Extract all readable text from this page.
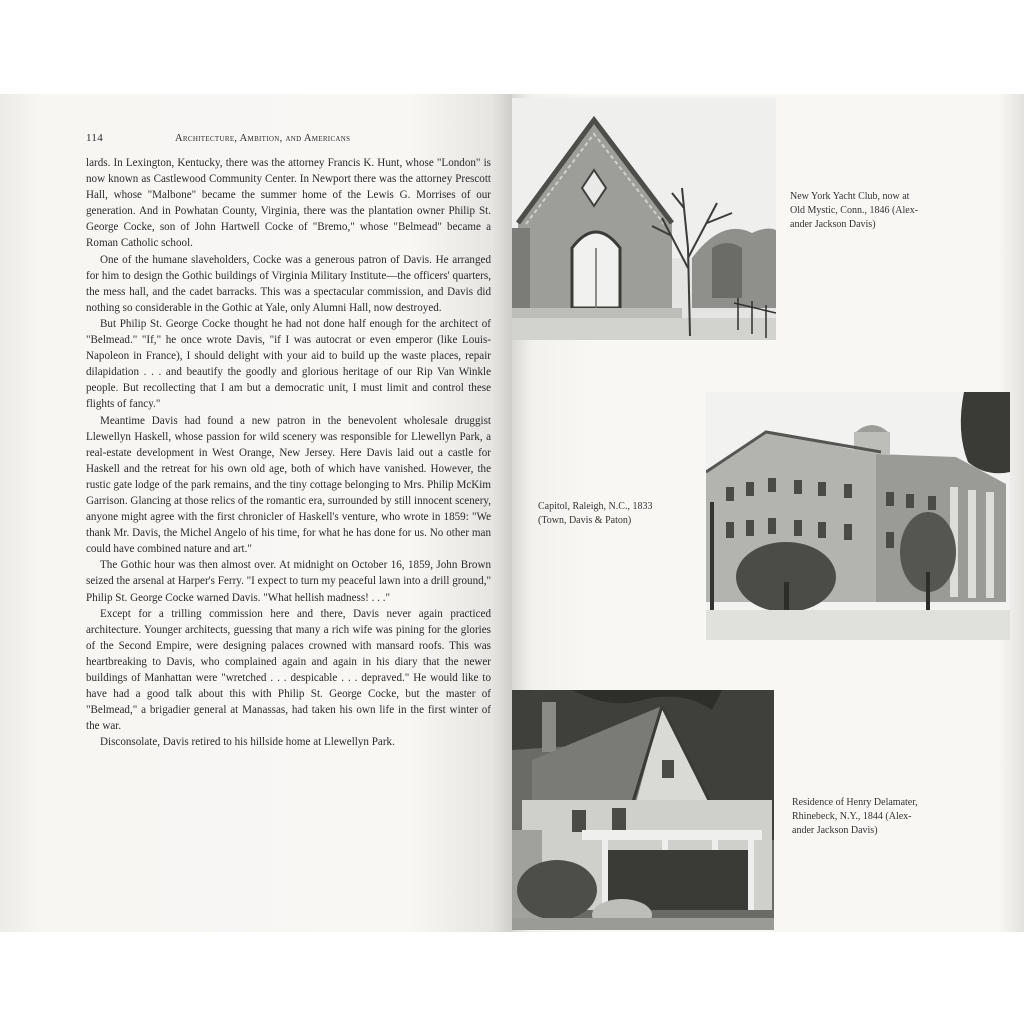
114	Architecture, Ambition, and Americans

lards. In Lexington, Kentucky, there was the attorney Francis K. Hunt, whose "London" is now known as Castlewood Community Center. In Newport there was the attorney Prescott Hall, whose "Malbone" became the summer home of the Lewis G. Morrises of our generation. And in Powhatan County, Virginia, there was the plantation owner Philip St. George Cocke, son of John Hartwell Cocke of "Bremo," whose "Belmead" became a Roman Catholic school.

One of the humane slaveholders, Cocke was a generous patron of Davis. He arranged for him to design the Gothic buildings of Virginia Military Institute—the officers' quarters, the mess hall, and the cadet barracks. This was a spectacular commission, and Davis did nothing so considerable in the Gothic at Yale, only Alumni Hall, now destroyed.

But Philip St. George Cocke thought he had not done half enough for the architect of "Belmead." "If," he once wrote Davis, "if I was autocrat or even emperor (like Louis-Napoleon in France), I should delight with your aid to build up the waste places, repair dilapidation . . . and beautify the goodly and glorious heritage of our Rip Van Winkle people. But recollecting that I am but a democratic unit, I must limit and control these flights of fancy."

Meantime Davis had found a new patron in the benevolent wholesale druggist Llewellyn Haskell, whose passion for wild scenery was responsible for Llewellyn Park, a real-estate development in West Orange, New Jersey. Here Davis laid out a castle for Haskell and the retreat for his own old age, both of which have vanished. However, the rustic gate lodge of the park remains, and the tiny cottage belonging to Mrs. Philip McKim Garrison. Glancing at those relics of the romantic era, surrounded by still innocent scenery, anyone might agree with the first chronicler of Haskell's venture, who wrote in 1859: "We thank Mr. Davis, the Michel Angelo of his time, for what he has done for us. No other man could have combined nature and art."

The Gothic hour was then almost over. At midnight on October 16, 1859, John Brown seized the arsenal at Harper's Ferry. "I expect to turn my peaceful lawn into a drill ground," Philip St. George Cocke warned Davis. "What hellish madness! . . ."

Except for a trilling commission here and there, Davis never again practiced architecture. Younger architects, guessing that many a rich wife was pining for the glories of the Second Empire, were designing palaces crowned with mansard roofs. This was heartbreaking to Davis, who complained again and again in his diary that the newer buildings of Manhattan were "wretched . . . despicable . . . depraved." He would like to have had a good talk about this with Philip St. George Cocke, but the master of "Belmead," a brigadier general at Manassas, had taken his own life in the first winter of the war.

Disconsolate, Davis retired to his hillside home at Llewellyn Park.

New York Yacht Club, now at
Old Mystic, Conn., 1846 (Alex-
ander Jackson Davis)
Capitol, Raleigh, N.C., 1833
(Town, Davis & Paton)
Residence of Henry Delamater,
Rhinebeck, N.Y., 1844 (Alex-
ander Jackson Davis)
